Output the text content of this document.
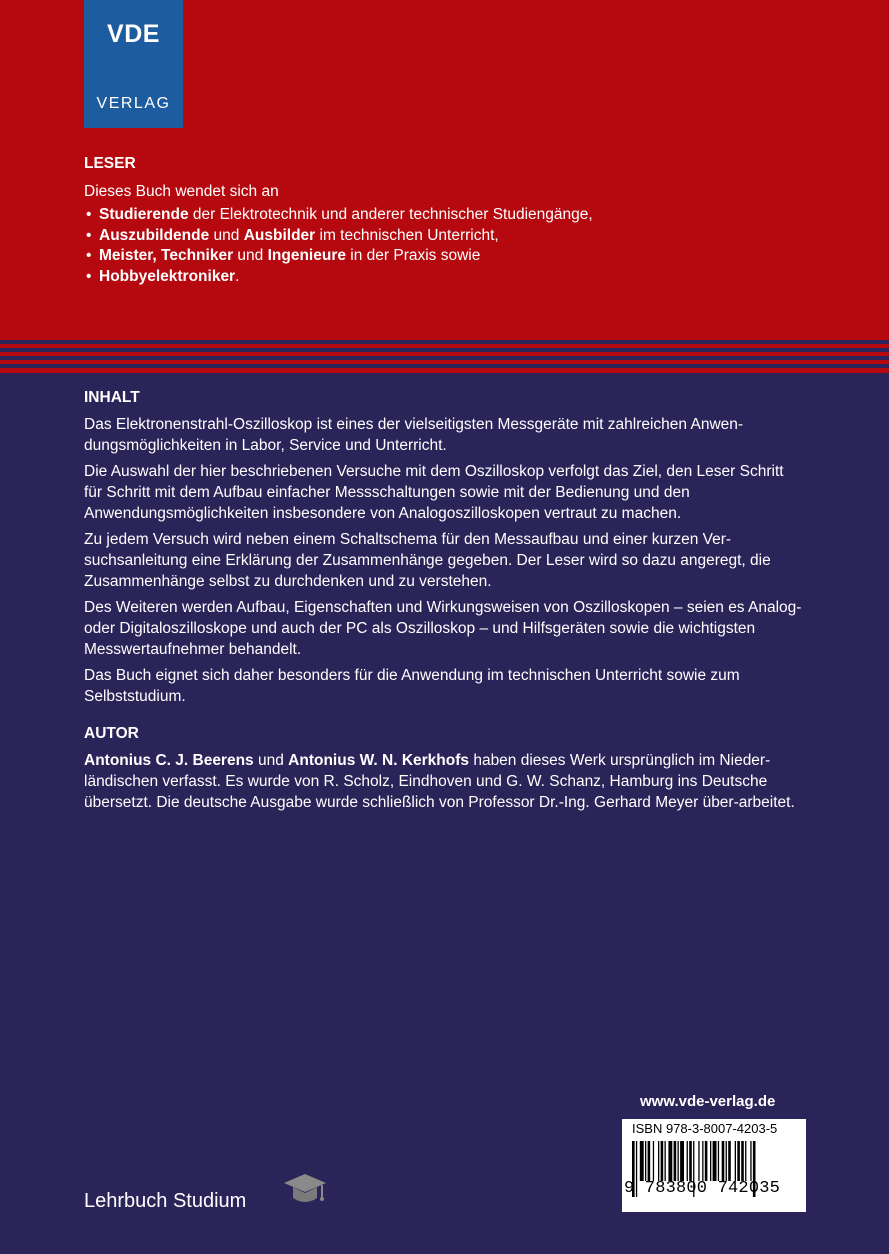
VDE
VERLAG
LESER
Dieses Buch wendet sich an
• Studierende der Elektrotechnik und anderer technischer Studiengänge,
• Auszubildende und Ausbilder im technischen Unterricht,
• Meister, Techniker und Ingenieure in der Praxis sowie
• Hobbyelektroniker.
INHALT

Das Elektronenstrahl-Oszilloskop ist eines der vielseitigsten Messgeräte mit zahlreichen Anwen-dungsmöglichkeiten in Labor, Service und Unterricht.

Die Auswahl der hier beschriebenen Versuche mit dem Oszilloskop verfolgt das Ziel, den Leser Schritt für Schritt mit dem Aufbau einfacher Messschaltungen sowie mit der Bedienung und den Anwendungsmöglichkeiten insbesondere von Analogoszilloskopen vertraut zu machen.

Zu jedem Versuch wird neben einem Schaltschema für den Messaufbau und einer kurzen Ver-suchsanleitung eine Erklärung der Zusammenhänge gegeben. Der Leser wird so dazu angeregt, die Zusammenhänge selbst zu durchdenken und zu verstehen.

Des Weiteren werden Aufbau, Eigenschaften und Wirkungsweisen von Oszilloskopen – seien es Analog- oder Digitaloszilloskope und auch der PC als Oszilloskop – und Hilfsgeräten sowie die wichtigsten Messwertaufnehmer behandelt.

Das Buch eignet sich daher besonders für die Anwendung im technischen Unterricht sowie zum Selbststudium.

AUTOR

Antonius C. J. Beerens und Antonius W. N. Kerkhofs haben dieses Werk ursprünglich im Nieder-ländischen verfasst. Es wurde von R. Scholz, Eindhoven und G. W. Schanz, Hamburg ins Deutsche übersetzt. Die deutsche Ausgabe wurde schließlich von Professor Dr.-Ing. Gerhard Meyer über-arbeitet.

www.vde-verlag.de
ISBN 978-3-8007-4203-5
9 783800 742035
Lehrbuch Studium
